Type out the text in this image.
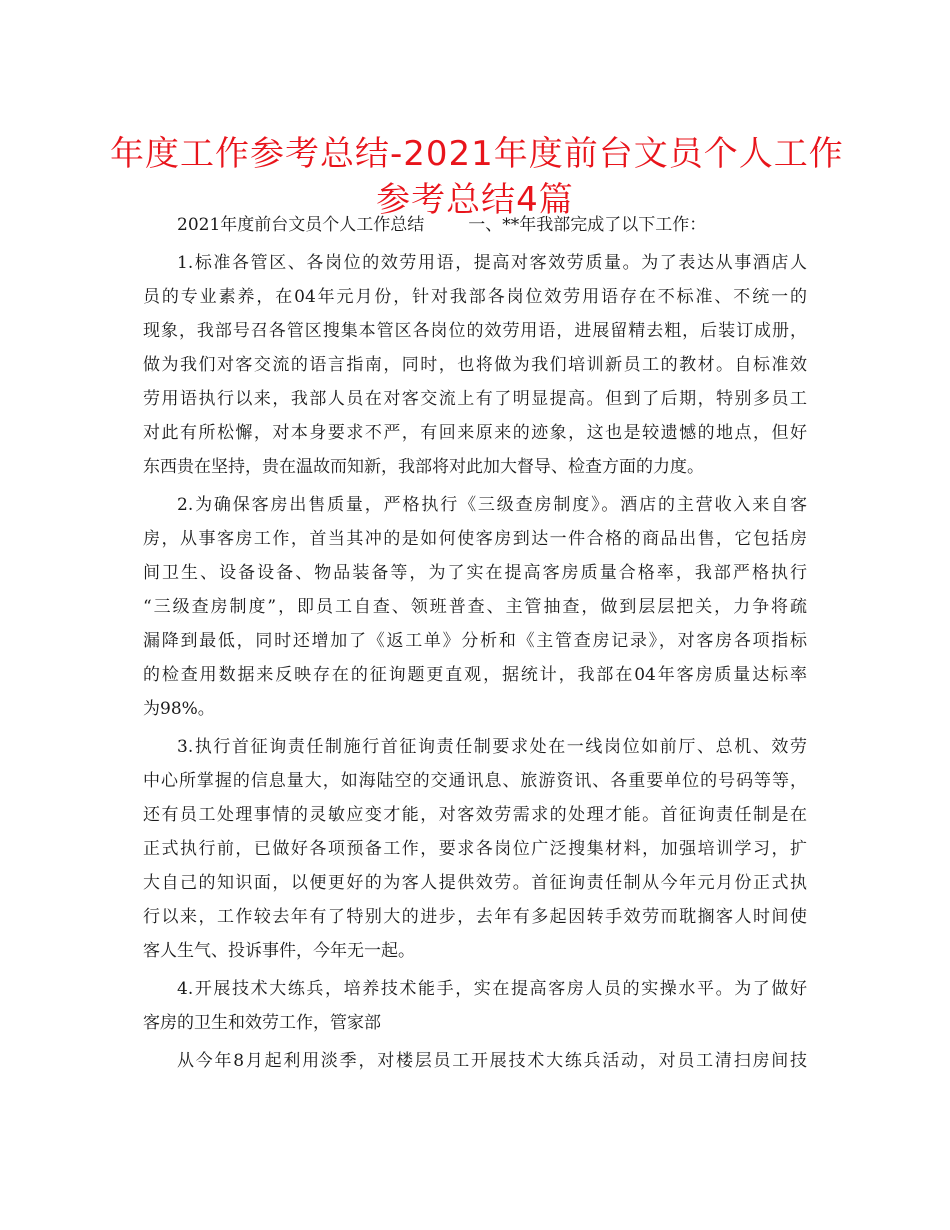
年度工作参考总结-2021年度前台文员个人工作
参考总结4篇
2021年度前台文员个人工作总结	一、**年我部完成了以下工作：
1.标准各管区、各岗位的效劳用语，提高对客效劳质量。为了表达从事酒店人
员的专业素养，在04年元月份，针对我部各岗位效劳用语存在不标准、不统一的
现象，我部号召各管区搜集本管区各岗位的效劳用语，进展留精去粗，后装订成册，
做为我们对客交流的语言指南，同时，也将做为我们培训新员工的教材。自标准效
劳用语执行以来，我部人员在对客交流上有了明显提高。但到了后期，特别多员工
对此有所松懈，对本身要求不严，有回来原来的迹象，这也是较遗憾的地点，但好
东西贵在坚持，贵在温故而知新，我部将对此加大督导、检查方面的力度。
2.为确保客房出售质量，严格执行《三级查房制度》。酒店的主营收入来自客
房，从事客房工作，首当其冲的是如何使客房到达一件合格的商品出售，它包括房
间卫生、设备设备、物品装备等，为了实在提高客房质量合格率，我部严格执行
“三级查房制度”，即员工自查、领班普查、主管抽查，做到层层把关，力争将疏
漏降到最低，同时还增加了《返工单》分析和《主管查房记录》，对客房各项指标
的检查用数据来反映存在的征询题更直观，据统计，我部在04年客房质量达标率
为98%。
3.执行首征询责任制施行首征询责任制要求处在一线岗位如前厅、总机、效劳
中心所掌握的信息量大，如海陆空的交通讯息、旅游资讯、各重要单位的号码等等，
还有员工处理事情的灵敏应变才能，对客效劳需求的处理才能。首征询责任制是在
正式执行前，已做好各项预备工作，要求各岗位广泛搜集材料，加强培训学习，扩
大自己的知识面，以便更好的为客人提供效劳。首征询责任制从今年元月份正式执
行以来，工作较去年有了特别大的进步，去年有多起因转手效劳而耽搁客人时间使
客人生气、投诉事件，今年无一起。
4.开展技术大练兵，培养技术能手，实在提高客房人员的实操水平。为了做好
客房的卫生和效劳工作，管家部
从今年8月起利用淡季，对楼层员工开展技术大练兵活动，对员工清扫房间技
